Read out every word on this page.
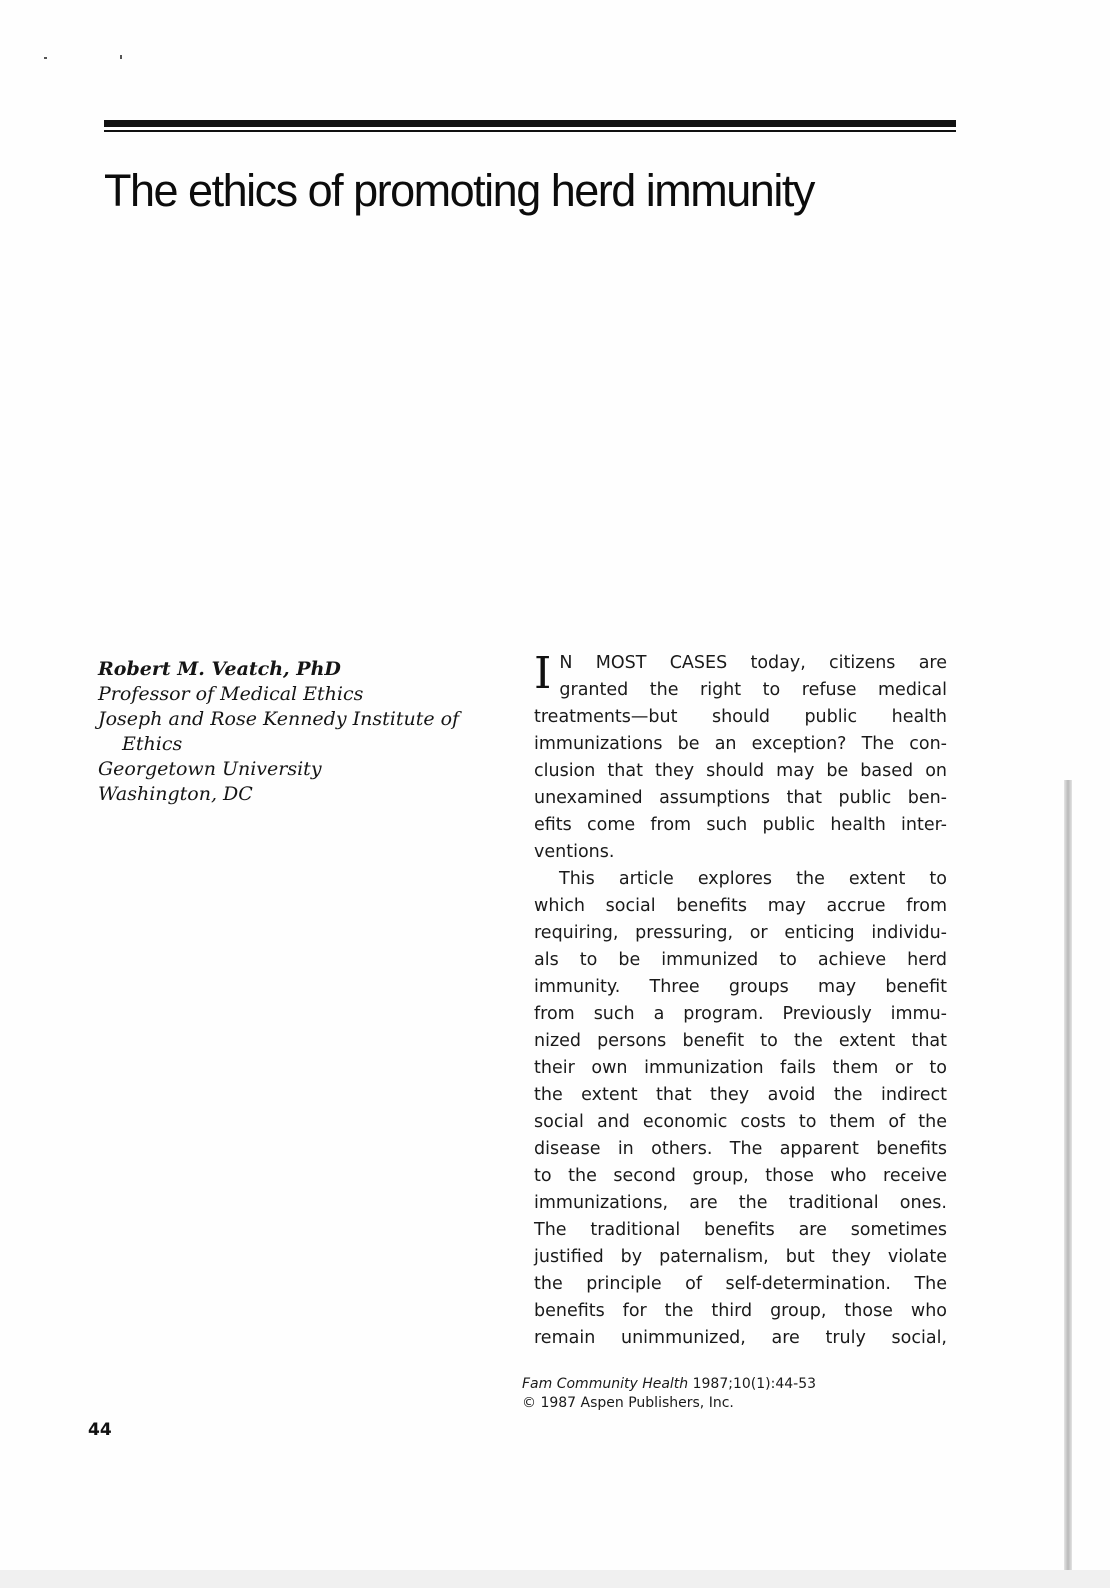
The ethics of promoting herd immunity
Robert M. Veatch, PhD
Professor of Medical Ethics
Joseph and Rose Kennedy Institute of
Ethics
Georgetown University
Washington, DC
I N MOST CASES today, citizens are
granted the right to refuse medical
treatments—but should public health
immunizations be an exception? The con-
clusion that they should may be based on
unexamined assumptions that public ben-
efits come from such public health inter-
ventions.
This article explores the extent to
which social benefits may accrue from
requiring, pressuring, or enticing individu-
als to be immunized to achieve herd
immunity. Three groups may benefit
from such a program. Previously immu-
nized persons benefit to the extent that
their own immunization fails them or to
the extent that they avoid the indirect
social and economic costs to them of the
disease in others. The apparent benefits
to the second group, those who receive
immunizations, are the traditional ones.
The traditional benefits are sometimes
justified by paternalism, but they violate
the principle of self-determination. The
benefits for the third group, those who
remain unimmunized, are truly social,
Fam Community Health 1987;10(1):44-53
© 1987 Aspen Publishers, Inc.
44
